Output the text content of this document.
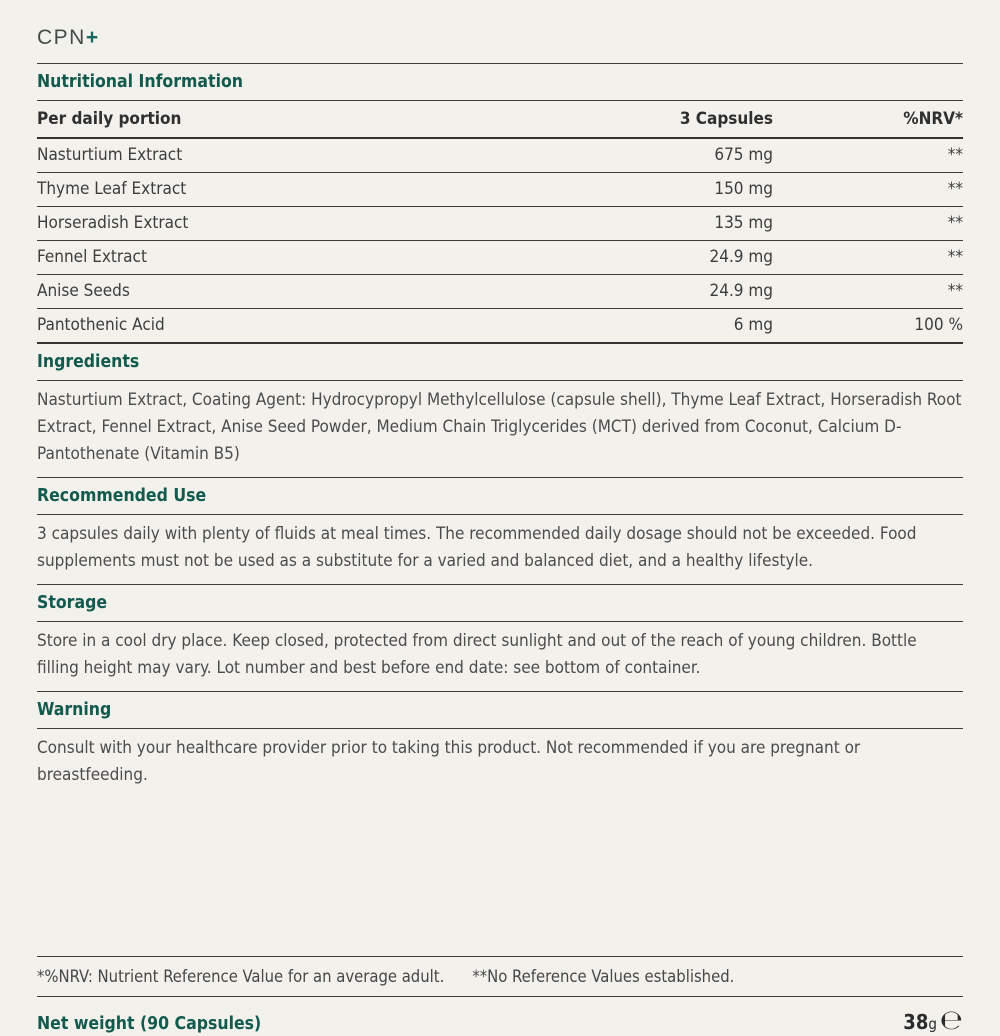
CPN+
Nutritional Information
Per daily portion	3 Capsules	%NRV*
Nasturtium Extract	675 mg	**
Thyme Leaf Extract	150 mg	**
Horseradish Extract	135 mg	**
Fennel Extract	24.9 mg	**
Anise Seeds	24.9 mg	**
Pantothenic Acid	6 mg	100 %
Ingredients
Nasturtium Extract, Coating Agent: Hydrocypropyl Methylcellulose (capsule shell), Thyme Leaf Extract, Horseradish Root Extract, Fennel Extract, Anise Seed Powder, Medium Chain Triglycerides (MCT) derived from Coconut, Calcium D-Pantothenate (Vitamin B5)
Recommended Use
3 capsules daily with plenty of fluids at meal times. The recommended daily dosage should not be exceeded. Food supplements must not be used as a substitute for a varied and balanced diet, and a healthy lifestyle.
Storage
Store in a cool dry place. Keep closed, protected from direct sunlight and out of the reach of young children. Bottle filling height may vary. Lot number and best before end date: see bottom of container.
Warning
Consult with your healthcare provider prior to taking this product. Not recommended if you are pregnant or breastfeeding.
*%NRV: Nutrient Reference Value for an average adult. **No Reference Values established.
Net weight (90 Capsules)	38 g ℮
